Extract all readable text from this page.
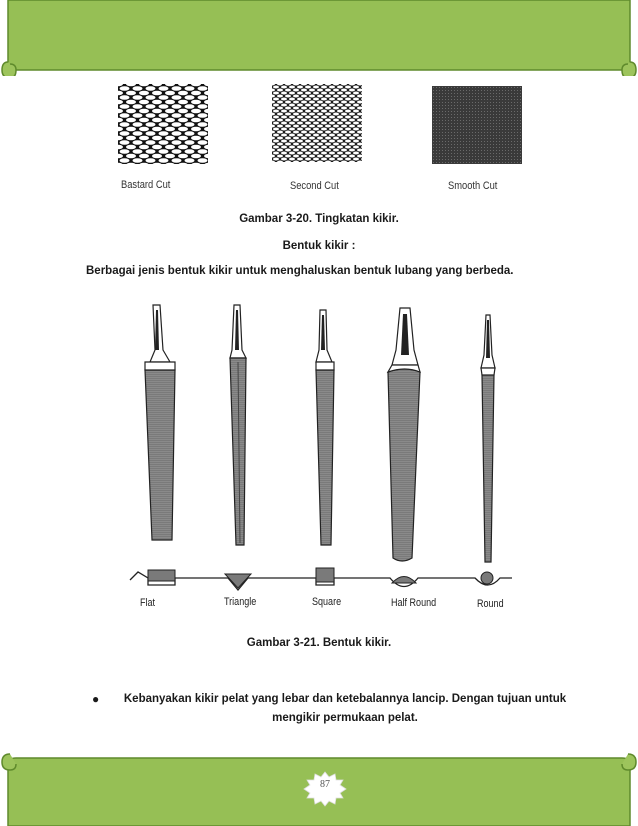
Bastard Cut	Second Cut	Smooth Cut
Gambar 3-20. Tingkatan kikir.
Bentuk kikir :
Berbagai jenis bentuk kikir untuk menghaluskan bentuk lubang yang berbeda.
Flat	Triangle	Square	Half Round	Round
Gambar 3-21. Bentuk kikir.
●	Kebanyakan kikir pelat yang lebar dan ketebalannya lancip. Dengan tujuan untuk mengikir permukaan pelat.
87
